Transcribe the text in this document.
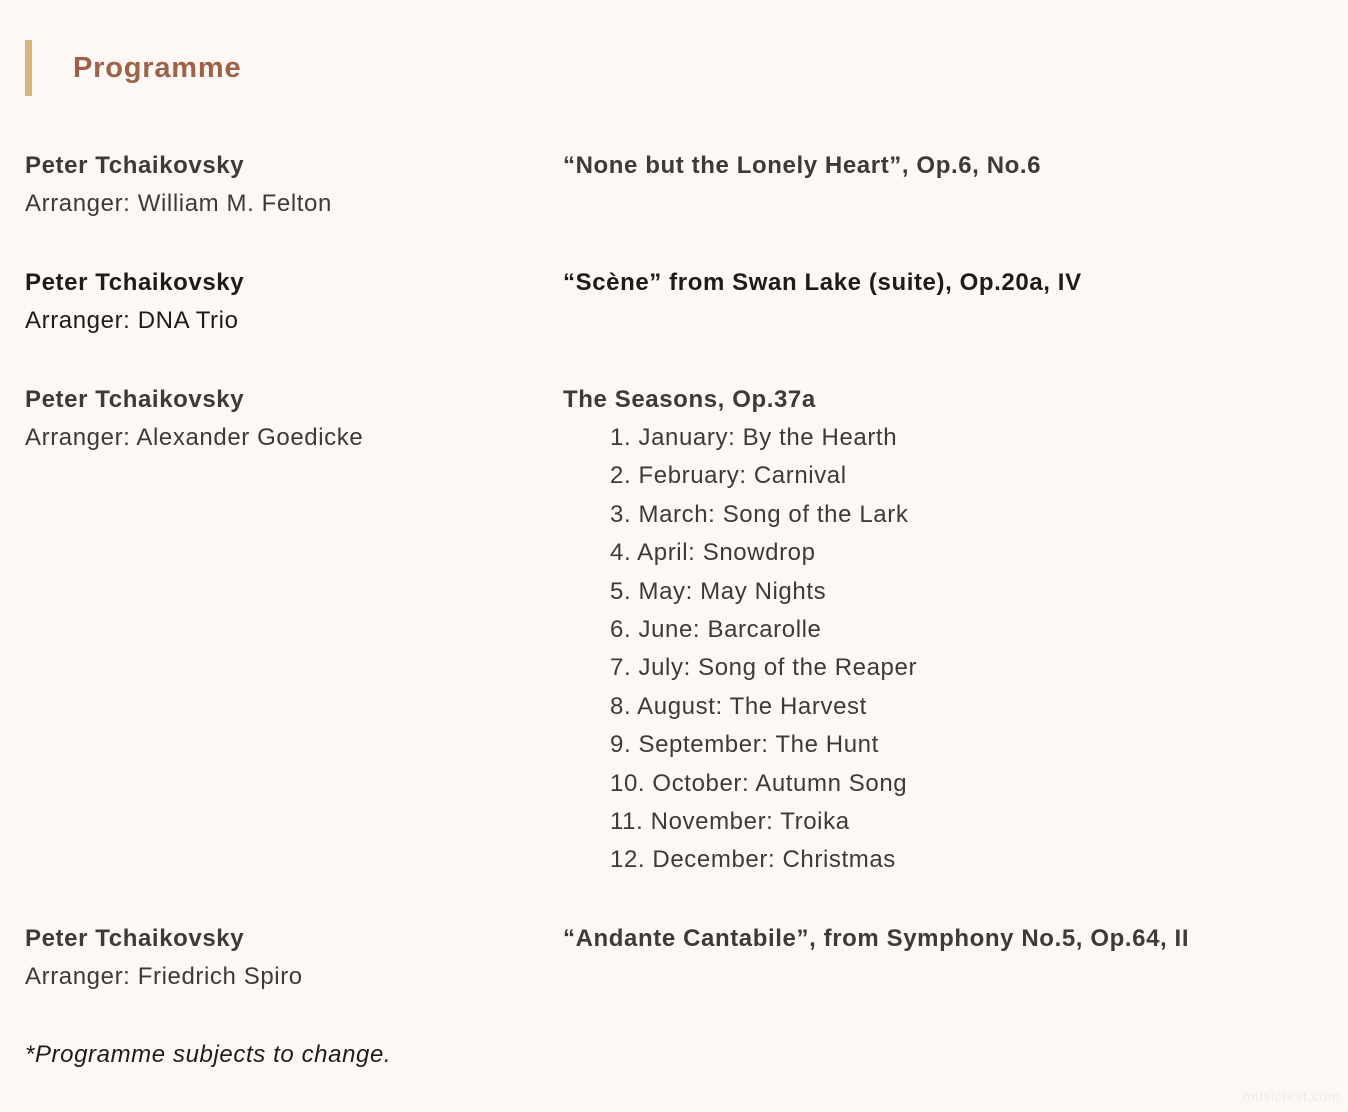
Programme
Peter Tchaikovsky
Arranger: William M. Felton
“None but the Lonely Heart”, Op.6, No.6
Peter Tchaikovsky
Arranger: DNA Trio
“Scène” from Swan Lake (suite), Op.20a, IV
Peter Tchaikovsky
Arranger: Alexander Goedicke
The Seasons, Op.37a
1. January: By the Hearth
2. February: Carnival
3. March: Song of the Lark
4. April: Snowdrop
5. May: May Nights
6. June: Barcarolle
7. July: Song of the Reaper
8. August: The Harvest
9. September: The Hunt
10. October: Autumn Song
11. November: Troika
12. December: Christmas
Peter Tchaikovsky
Arranger: Friedrich Spiro
“Andante Cantabile”, from Symphony No.5, Op.64, II
*Programme subjects to change.
musicfest.com
